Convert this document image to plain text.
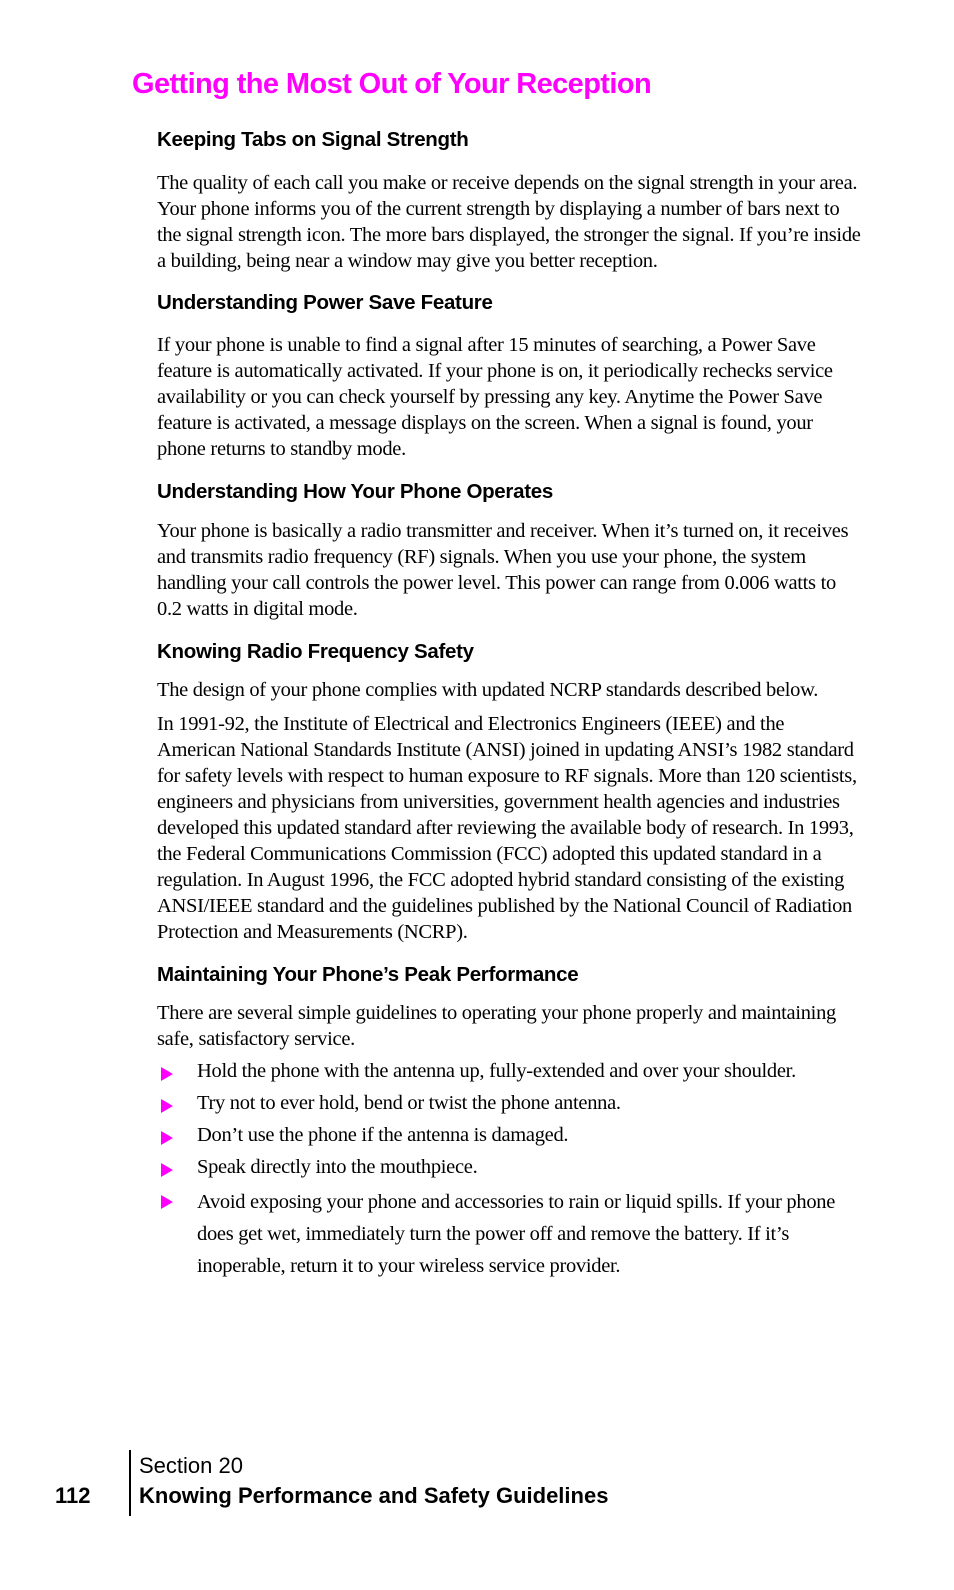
Getting the Most Out of Your Reception
Keeping Tabs on Signal Strength

The quality of each call you make or receive depends on the signal strength in your area. Your phone informs you of the current strength by displaying a number of bars next to the signal strength icon. The more bars displayed, the stronger the signal. If you’re inside a building, being near a window may give you better reception.

Understanding Power Save Feature

If your phone is unable to find a signal after 15 minutes of searching, a Power Save feature is automatically activated. If your phone is on, it periodically rechecks service availability or you can check yourself by pressing any key. Anytime the Power Save feature is activated, a message displays on the screen. When a signal is found, your phone returns to standby mode.

Understanding How Your Phone Operates

Your phone is basically a radio transmitter and receiver. When it’s turned on, it receives and transmits radio frequency (RF) signals. When you use your phone, the system handling your call controls the power level. This power can range from 0.006 watts to 0.2 watts in digital mode.

Knowing Radio Frequency Safety

The design of your phone complies with updated NCRP standards described below.

In 1991-92, the Institute of Electrical and Electronics Engineers (IEEE) and the American National Standards Institute (ANSI) joined in updating ANSI’s 1982 standard for safety levels with respect to human exposure to RF signals. More than 120 scientists, engineers and physicians from universities, government health agencies and industries developed this updated standard after reviewing the available body of research. In 1993, the Federal Communications Commission (FCC) adopted this updated standard in a regulation. In August 1996, the FCC adopted hybrid standard consisting of the existing ANSI/IEEE standard and the guidelines published by the National Council of Radiation Protection and Measurements (NCRP).

Maintaining Your Phone’s Peak Performance

There are several simple guidelines to operating your phone properly and maintaining safe, satisfactory service.

Hold the phone with the antenna up, fully-extended and over your shoulder.

Try not to ever hold, bend or twist the phone antenna.

Don’t use the phone if the antenna is damaged.

Speak directly into the mouthpiece.

Avoid exposing your phone and accessories to rain or liquid spills. If your phone does get wet, immediately turn the power off and remove the battery. If it’s inoperable, return it to your wireless service provider.

112
Section 20
Knowing Performance and Safety Guidelines
